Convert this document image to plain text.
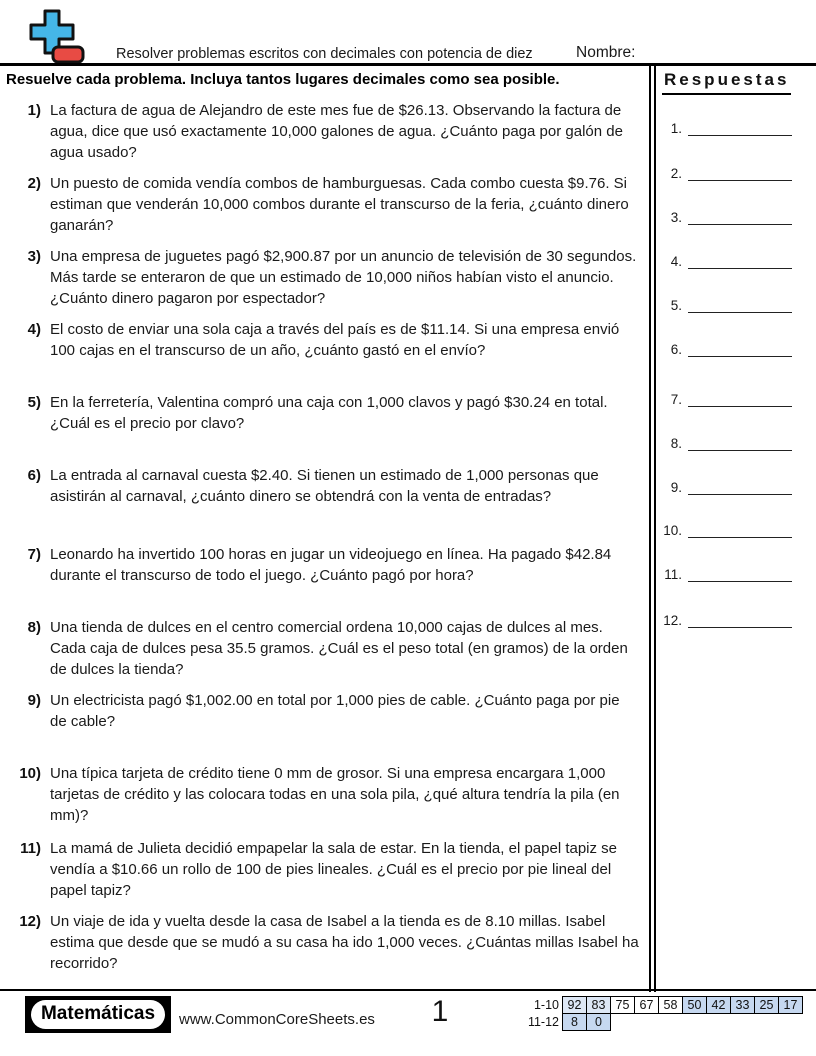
Resolver problemas escritos con decimales con potencia de diez	Nombre:
Resuelve cada problema. Incluya tantos lugares decimales como sea posible.
1) La factura de agua de Alejandro de este mes fue de $26.13. Observando la factura de agua, dice que usó exactamente 10,000 galones de agua. ¿Cuánto paga por galón de agua usado?
2) Un puesto de comida vendía combos de hamburguesas. Cada combo cuesta $9.76. Si estiman que venderán 10,000 combos durante el transcurso de la feria, ¿cuánto dinero ganarán?
3) Una empresa de juguetes pagó $2,900.87 por un anuncio de televisión de 30 segundos. Más tarde se enteraron de que un estimado de 10,000 niños habían visto el anuncio. ¿Cuánto dinero pagaron por espectador?
4) El costo de enviar una sola caja a través del país es de $11.14. Si una empresa envió 100 cajas en el transcurso de un año, ¿cuánto gastó en el envío?
5) En la ferretería, Valentina compró una caja con 1,000 clavos y pagó $30.24 en total. ¿Cuál es el precio por clavo?
6) La entrada al carnaval cuesta $2.40. Si tienen un estimado de 1,000 personas que asistirán al carnaval, ¿cuánto dinero se obtendrá con la venta de entradas?
7) Leonardo ha invertido 100 horas en jugar un videojuego en línea. Ha pagado $42.84 durante el transcurso de todo el juego. ¿Cuánto pagó por hora?
8) Una tienda de dulces en el centro comercial ordena 10,000 cajas de dulces al mes. Cada caja de dulces pesa 35.5 gramos. ¿Cuál es el peso total (en gramos) de la orden de dulces la tienda?
9) Un electricista pagó $1,002.00 en total por 1,000 pies de cable. ¿Cuánto paga por pie de cable?
10) Una típica tarjeta de crédito tiene 0 mm de grosor. Si una empresa encargara 1,000 tarjetas de crédito y las colocara todas en una sola pila, ¿qué altura tendría la pila (en mm)?
11) La mamá de Julieta decidió empapelar la sala de estar. En la tienda, el papel tapiz se vendía a $10.66 un rollo de 100 de pies lineales. ¿Cuál es el precio por pie lineal del papel tapiz?
12) Un viaje de ida y vuelta desde la casa de Isabel a la tienda es de 8.10 millas. Isabel estima que desde que se mudó a su casa ha ido 1,000 veces. ¿Cuántas millas Isabel ha recorrido?
Respuestas
1.
2.
3.
4.
5.
6.
7.
8.
9.
10.
11.
12.
Matemáticas	www.CommonCoreSheets.es	1	1-10 92 83 75 67 58 50 42 33 25 17
11-12 8	0
